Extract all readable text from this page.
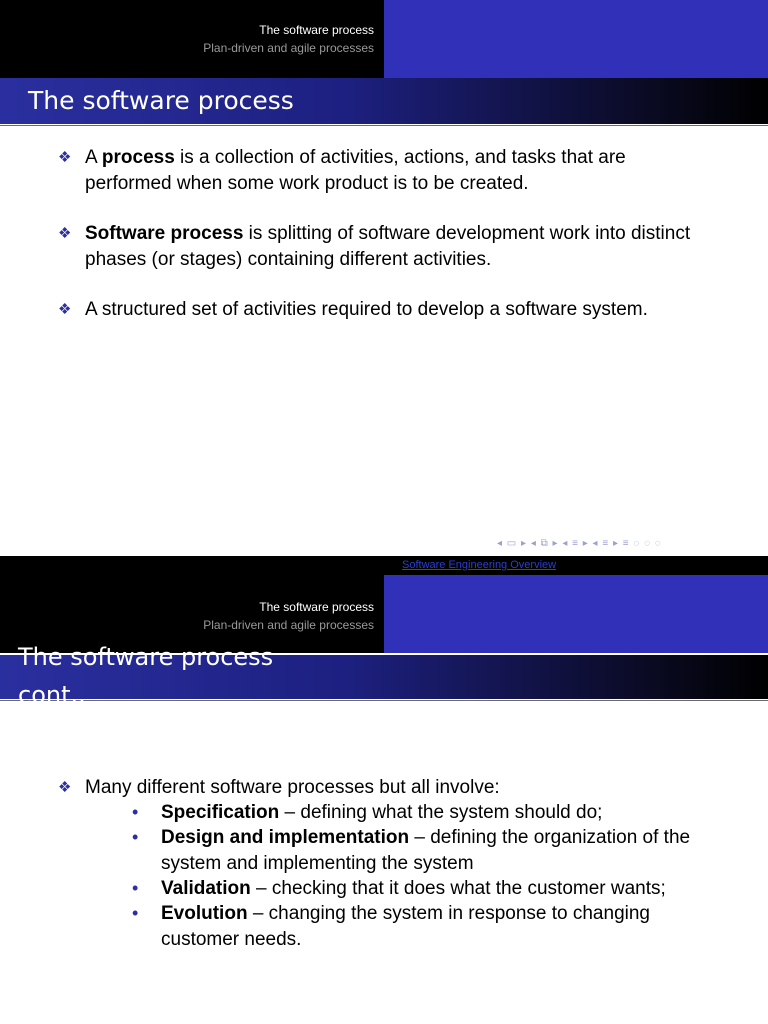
The software process
Plan-driven and agile processes
The software process
❖ A process is a collection of activities, actions, and tasks that are
performed when some work product is to be created.
❖ Software process is splitting of software development work into distinct
phases (or stages) containing different activities.
❖ A structured set of activities required to develop a software system.
◂ ▭ ▸ ◂ ⧉ ▸ ◂ ≡ ▸ ◂ ≡ ▸ ≡ ◌ ◌ ◌
Software Engineering Overview
The software process
Plan-driven and agile processes
The software process
cont..
❖ Many different software processes but all involve:
• Specification – defining what the system should do;
• Design and implementation – defining the organization of the
system and implementing the system
• Validation – checking that it does what the customer wants;
• Evolution – changing the system in response to changing
customer needs.
